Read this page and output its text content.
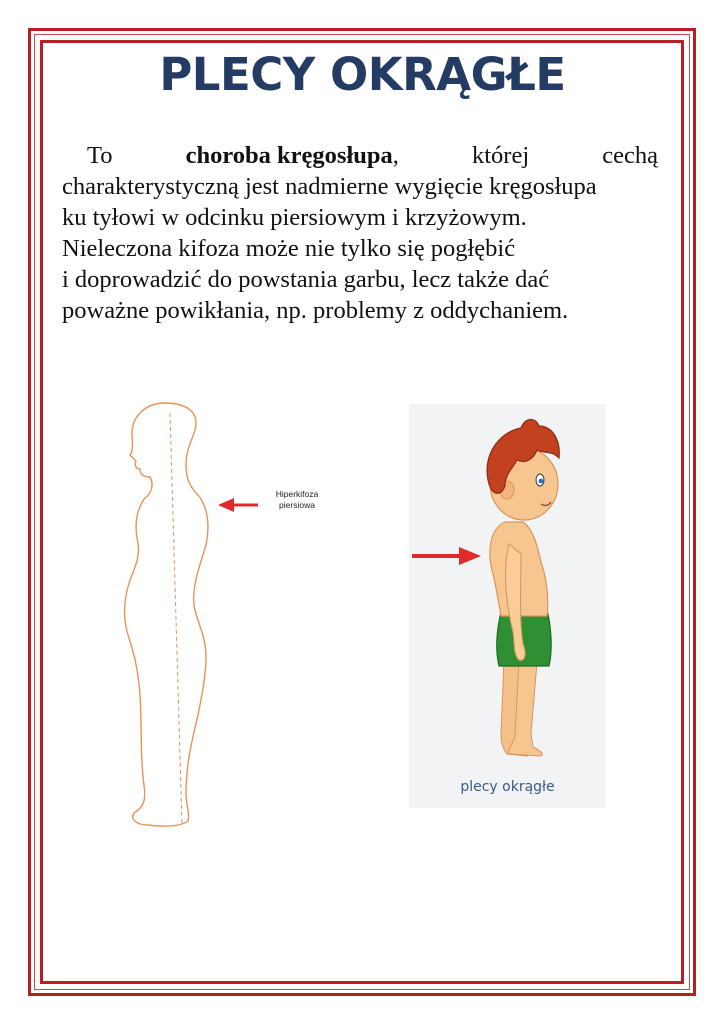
PLECY OKRĄGŁE
To	choroba kręgosłupa,	której	cechą
charakterystyczną jest nadmierne wygięcie kręgosłupa
ku tyłowi w odcinku piersiowym i krzyżowym.
Nieleczona kifoza może nie tylko się pogłębić
i doprowadzić do powstania garbu, lecz także dać
poważne powikłania, np. problemy z oddychaniem.
Hiperkifoza
piersiowa
plecy okrągłe
